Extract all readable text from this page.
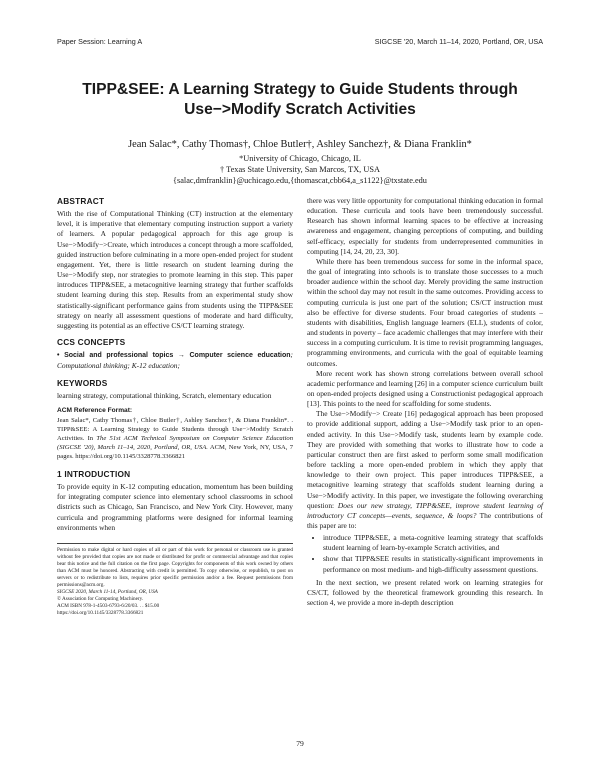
Paper Session: Learning A	SIGCSE '20, March 11–14, 2020, Portland, OR, USA
TIPP&SEE: A Learning Strategy to Guide Students through
Use−>Modify Scratch Activities
Jean Salac*, Cathy Thomas†, Chloe Butler†, Ashley Sanchez†, & Diana Franklin*
*University of Chicago, Chicago, IL
† Texas State University, San Marcos, TX, USA
{salac,dmfranklin}@uchicago.edu,{thomascat,cbb64,a_s1122}@txstate.edu
ABSTRACT

With the rise of Computational Thinking (CT) instruction at the elementary level, it is imperative that elementary computing instruction support a variety of learners. A popular pedagogical approach for this age group is Use−>Modify−>Create, which introduces a concept through a more scaffolded, guided instruction before culminating in a more open-ended project for student engagement. Yet, there is little research on student learning during the Use−>Modify step, nor strategies to promote learning in this step. This paper introduces TIPP&SEE, a metacognitive learning strategy that further scaffolds student learning during this step. Results from an experimental study show statistically-significant performance gains from students using the TIPP&SEE strategy on nearly all assessment questions of moderate and hard difficulty, suggesting its potential as an effective CS/CT learning strategy.

CCS CONCEPTS

• Social and professional topics → Computer science education; Computational thinking; K-12 education;

KEYWORDS

learning strategy, computational thinking, Scratch, elementary education

ACM Reference Format:
Jean Salac*, Cathy Thomas†, Chloe Butler†, Ashley Sanchez†, & Diana Franklin*. . TIPP&SEE: A Learning Strategy to Guide Students through Use−>Modify Scratch Activities. In The 51st ACM Technical Symposium on Computer Science Education (SIGCSE '20), March 11–14, 2020, Portland, OR, USA. ACM, New York, NY, USA, 7 pages. https://doi.org/10.1145/3328778.3366821
1 INTRODUCTION

To provide equity in K-12 computing education, momentum has been building for integrating computer science into elementary school classrooms in school districts such as Chicago, San Francisco, and New York City. However, many curricula and programming platforms were designed for informal learning environments when

Permission to make digital or hard copies of all or part of this work for personal or classroom use is granted without fee provided that copies are not made or distributed for profit or commercial advantage and that copies bear this notice and the full citation on the first page. Copyrights for components of this work owned by others than ACM must be honored. Abstracting with credit is permitted. To copy otherwise, or republish, to post on servers or to redistribute to lists, requires prior specific permission and/or a fee. Request permissions from permissions@acm.org.
SIGCSE 2020, March 11-14, Portland, OR, USA
© Association for Computing Machinery.
ACM ISBN 978-1-4503-6793-6/20/03. . . $15.00
https://doi.org/10.1145/3328778.3366821

there was very little opportunity for computational thinking education in formal education. These curricula and tools have been tremendously successful. Research has shown informal learning spaces to be effective at increasing awareness and engagement, changing perceptions of computing, and building self-efficacy, especially for students from underrepresented communities in computing [14, 24, 20, 23, 30].

While there has been tremendous success for some in the informal space, the goal of integrating into schools is to translate those successes to a much broader audience within the school day. Merely providing the same instruction within the school day may not result in the same outcomes. Providing access to computing curricula is just one part of the solution; CS/CT instruction must also be effective for diverse students. Four broad categories of students – students with disabilities, English language learners (ELL), students of color, and students in poverty – face academic challenges that may interfere with their success in a computing curriculum. It is time to revisit programming languages, programming environments, and curricula with the goal of equitable learning outcomes.

More recent work has shown strong correlations between overall school academic performance and learning [26] in a computer science curriculum built on open-ended projects designed using a Constructionist pedagogical approach [13]. This points to the need for scaffolding for some students.

The Use−>Modify−> Create [16] pedagogical approach has been proposed to provide additional support, adding a Use−>Modify task prior to an open-ended activity. In this Use−>Modify task, students learn by example code. They are provided with something that works to illustrate how to code a particular construct then are first asked to perform some small modification before tackling a more open-ended problem in which they apply that knowledge to their own project. This paper introduces TIPP&SEE, a metacognitive learning strategy that scaffolds student learning during a Use−>Modify activity. In this paper, we investigate the following overarching question: Does our new strategy, TIPP&SEE, improve student learning of introductory CT concepts—events, sequence, & loops? The contributions of this paper are to:

• introduce TIPP&SEE, a meta-cognitive learning strategy that scaffolds student learning of learn-by-example Scratch activities, and
• show that TIPP&SEE results in statistically-significant improvements in performance on most medium- and high-difficulty assessment questions.

In the next section, we present related work on learning strategies for CS/CT, followed by the theoretical framework grounding this research. In section 4, we provide a more in-depth description

79
